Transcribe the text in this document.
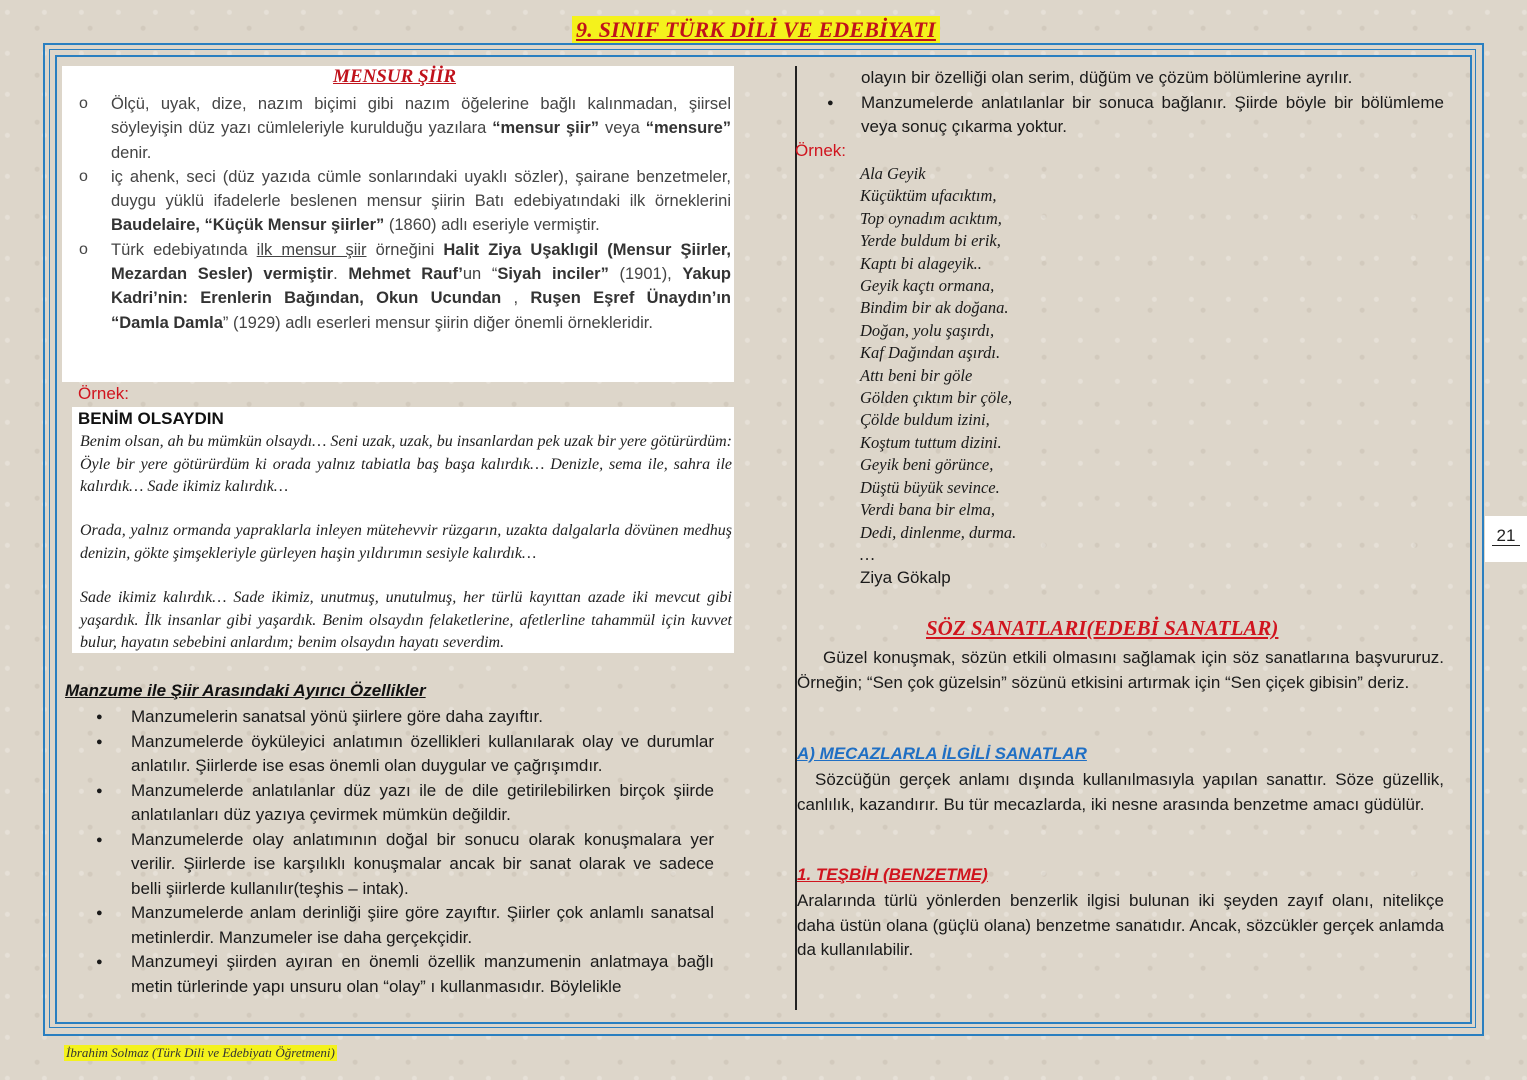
9. SINIF TÜRK DİLİ VE EDEBİYATI
MENSUR ŞİİR
o Ölçü, uyak, dize, nazım biçimi gibi nazım öğelerine bağlı kalınmadan, şiirsel söyleyişin düz yazı cümleleriyle kurulduğu yazılara “mensur şiir” veya “mensure” denir.
o iç ahenk, seci (düz yazıda cümle sonlarındaki uyaklı sözler), şairane benzetmeler, duygu yüklü ifadelerle beslenen mensur şiirin Batı edebiyatındaki ilk örneklerini Baudelaire, “Küçük Mensur şiirler” (1860) adlı eseriyle vermiştir.
o Türk edebiyatında ilk mensur şiir örneğini Halit Ziya Uşaklıgil (Mensur Şiirler, Mezardan Sesler) vermiştir. Mehmet Rauf’un “Siyah inciler” (1901), Yakup Kadri’nin: Erenlerin Bağından, Okun Ucundan , Ruşen Eşref Ünaydın’ın “Damla Damla” (1929) adlı eserleri mensur şiirin diğer önemli örnekleridir.
Örnek:
BENİM OLSAYDIN
Benim olsan, ah bu mümkün olsaydı… Seni uzak, uzak, bu insanlardan pek uzak bir yere götürürdüm: Öyle bir yere götürürdüm ki orada yalnız tabiatla baş başa kalırdık… Denizle, sema ile, sahra ile kalırdık… Sade ikimiz kalırdık…
Orada, yalnız ormanda yapraklarla inleyen mütehevvir rüzgarın, uzakta dalgalarla dövünen medhuş denizin, gökte şimşekleriyle gürleyen haşin yıldırımın sesiyle kalırdık…
Sade ikimiz kalırdık… Sade ikimiz, unutmuş, unutulmuş, her türlü kayıttan azade iki mevcut gibi yaşardık. İlk insanlar gibi yaşardık. Benim olsaydın felaketlerine, afetlerline tahammül için kuvvet bulur, hayatın sebebini anlardım; benim olsaydın hayatı severdim.
Manzume ile Şiir Arasındaki Ayırıcı Özellikler
● Manzumelerin sanatsal yönü şiirlere göre daha zayıftır.
● Manzumelerde öyküleyici anlatımın özellikleri kullanılarak olay ve durumlar anlatılır. Şiirlerde ise esas önemli olan duygular ve çağrışımdır.
● Manzumelerde anlatılanlar düz yazı ile de dile getirilebilirken birçok şiirde anlatılanları düz yazıya çevirmek mümkün değildir.
● Manzumelerde olay anlatımının doğal bir sonucu olarak konuşmalara yer verilir. Şiirlerde ise karşılıklı konuşmalar ancak bir sanat olarak ve sadece belli şiirlerde kullanılır(teşhis – intak).
● Manzumelerde anlam derinliği şiire göre zayıftır. Şiirler çok anlamlı sanatsal metinlerdir. Manzumeler ise daha gerçekçidir.
● Manzumeyi şiirden ayıran en önemli özellik manzumenin anlatmaya bağlı metin türlerinde yapı unsuru olan “olay” ı kullanmasıdır. Böylelikle
olayın bir özelliği olan serim, düğüm ve çözüm bölümlerine ayrılır.
● Manzumelerde anlatılanlar bir sonuca bağlanır. Şiirde böyle bir bölümleme veya sonuç çıkarma yoktur.
Örnek:
Ala Geyik
Küçüktüm ufacıktım,
Top oynadım acıktım,
Yerde buldum bi erik,
Kaptı bi alageyik..
Geyik kaçtı ormana,
Bindim bir ak doğana.
Doğan, yolu şaşırdı,
Kaf Dağından aşırdı.
Attı beni bir göle
Gölden çıktım bir çöle,
Çölde buldum izini,
Koştum tuttum dizini.
Geyik beni görünce,
Düştü büyük sevince.
Verdi bana bir elma,
Dedi, dinlenme, durma.
…
Ziya Gökalp
SÖZ SANATLARI(EDEBİ SANATLAR)
Güzel konuşmak, sözün etkili olmasını sağlamak için söz sanatlarına başvururuz. Örneğin; “Sen çok güzelsin” sözünü etkisini artırmak için “Sen çiçek gibisin” deriz.
A) MECAZLARLA İLGİLİ SANATLAR
Sözcüğün gerçek anlamı dışında kullanılmasıyla yapılan sanattır. Söze güzellik, canlılık, kazandırır. Bu tür mecazlarda, iki nesne arasında benzetme amacı güdülür.
1. TEŞBİH (BENZETME)
Aralarında türlü yönlerden benzerlik ilgisi bulunan iki şeyden zayıf olanı, nitelikçe daha üstün olana (güçlü olana) benzetme sanatıdır. Ancak, sözcükler gerçek anlamda da kullanılabilir.
21
İbrahim Solmaz (Türk Dili ve Edebiyatı Öğretmeni)
